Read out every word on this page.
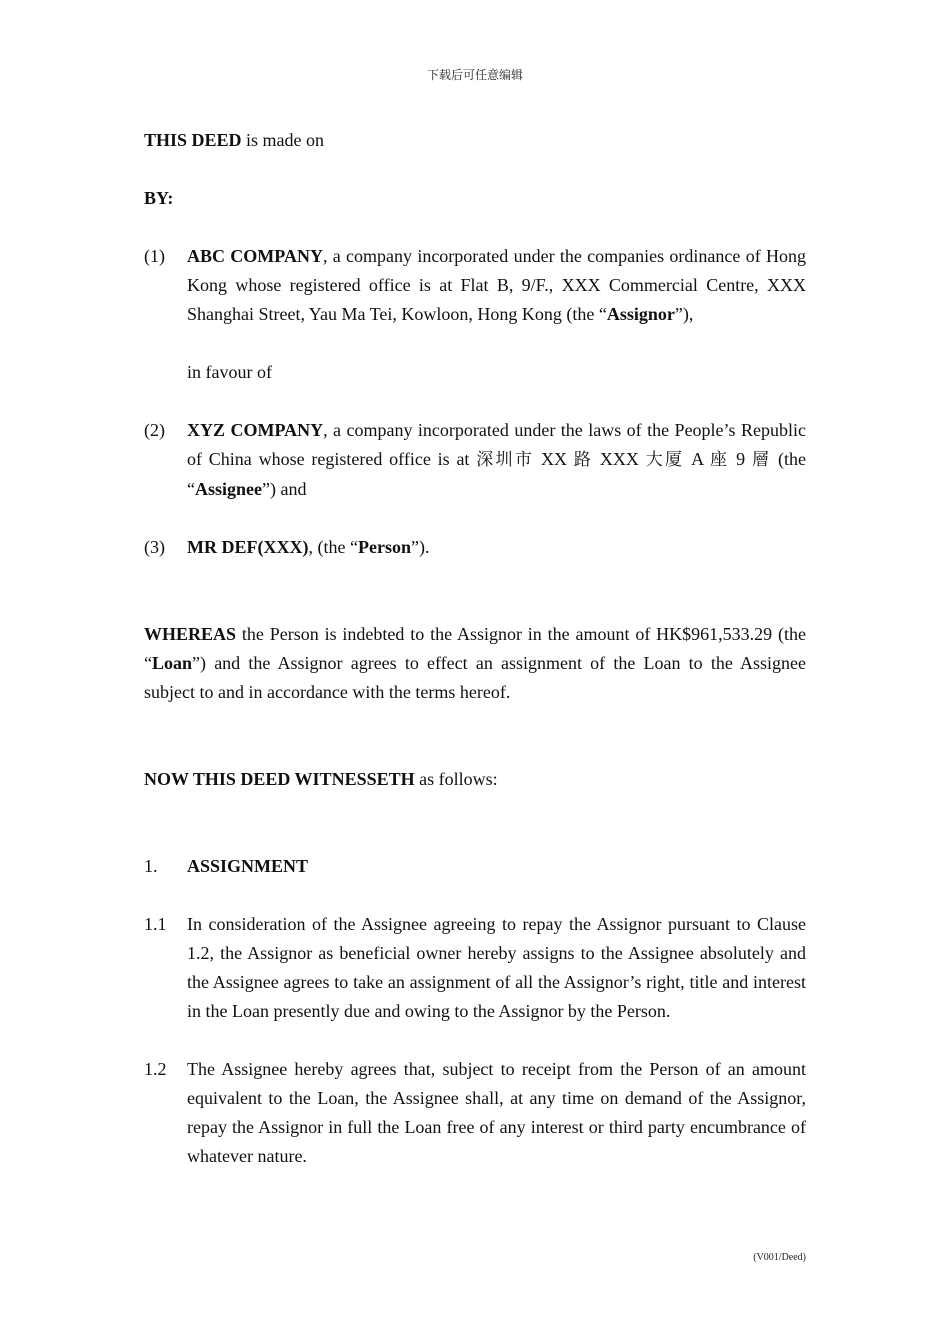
下载后可任意编辑

THIS DEED is made on

BY:

(1)	ABC COMPANY, a company incorporated under the companies ordinance of Hong Kong whose registered office is at Flat B, 9/F., XXX Commercial Centre, XXX Shanghai Street, Yau Ma Tei, Kowloon, Hong Kong (the “Assignor”),

in favour of

(2)	XYZ COMPANY, a company incorporated under the laws of the People’s Republic of China whose registered office is at 深圳市 XX 路 XXX 大厦 A 座 9 層 (the “Assignee”) and
(3)	MR DEF(XXX), (the “Person”).

WHEREAS the Person is indebted to the Assignor in the amount of HK$961,533.29 (the “Loan”) and the Assignor agrees to effect an assignment of the Loan to the Assignee subject to and in accordance with the terms hereof.

NOW THIS DEED WITNESSETH as follows:

1.	ASSIGNMENT
1.1	In consideration of the Assignee agreeing to repay the Assignor pursuant to Clause 1.2, the Assignor as beneficial owner hereby assigns to the Assignee absolutely and the Assignee agrees to take an assignment of all the Assignor’s right, title and interest in the Loan presently due and owing to the Assignor by the Person.
1.2	The Assignee hereby agrees that, subject to receipt from the Person of an amount equivalent to the Loan, the Assignee shall, at any time on demand of the Assignor, repay the Assignor in full the Loan free of any interest or third party encumbrance of whatever nature.
(V001/Deed)
